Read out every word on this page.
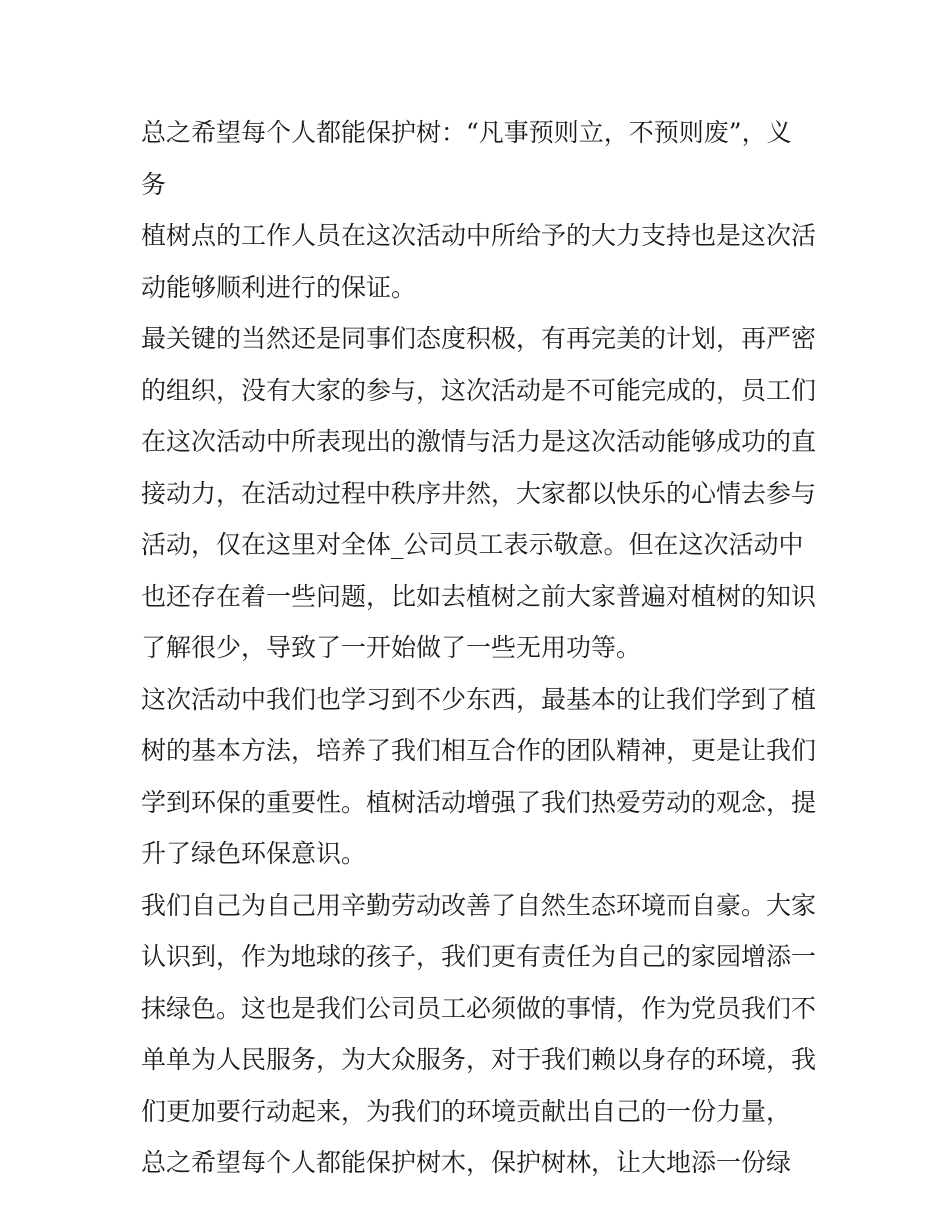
总之希望每个人都能保护树：“凡事预则立，不预则废”，义务
植树点的工作人员在这次活动中所给予的大力支持也是这次活
动能够顺利进行的保证。

最关键的当然还是同事们态度积极，有再完美的计划，再严密
的组织，没有大家的参与，这次活动是不可能完成的，员工们
在这次活动中所表现出的激情与活力是这次活动能够成功的直
接动力，在活动过程中秩序井然，大家都以快乐的心情去参与
活动，仅在这里对全体_公司员工表示敬意。但在这次活动中
也还存在着一些问题，比如去植树之前大家普遍对植树的知识
了解很少，导致了一开始做了一些无用功等。

这次活动中我们也学习到不少东西，最基本的让我们学到了植
树的基本方法，培养了我们相互合作的团队精神，更是让我们
学到环保的重要性。植树活动增强了我们热爱劳动的观念，提
升了绿色环保意识。

我们自己为自己用辛勤劳动改善了自然生态环境而自豪。大家
认识到，作为地球的孩子，我们更有责任为自己的家园增添一
抹绿色。这也是我们公司员工必须做的事情，作为党员我们不
单单为人民服务，为大众服务，对于我们赖以身存的环境，我
们更加要行动起来，为我们的环境贡献出自己的一份力量，

总之希望每个人都能保护树木，保护树林，让大地添一份绿
